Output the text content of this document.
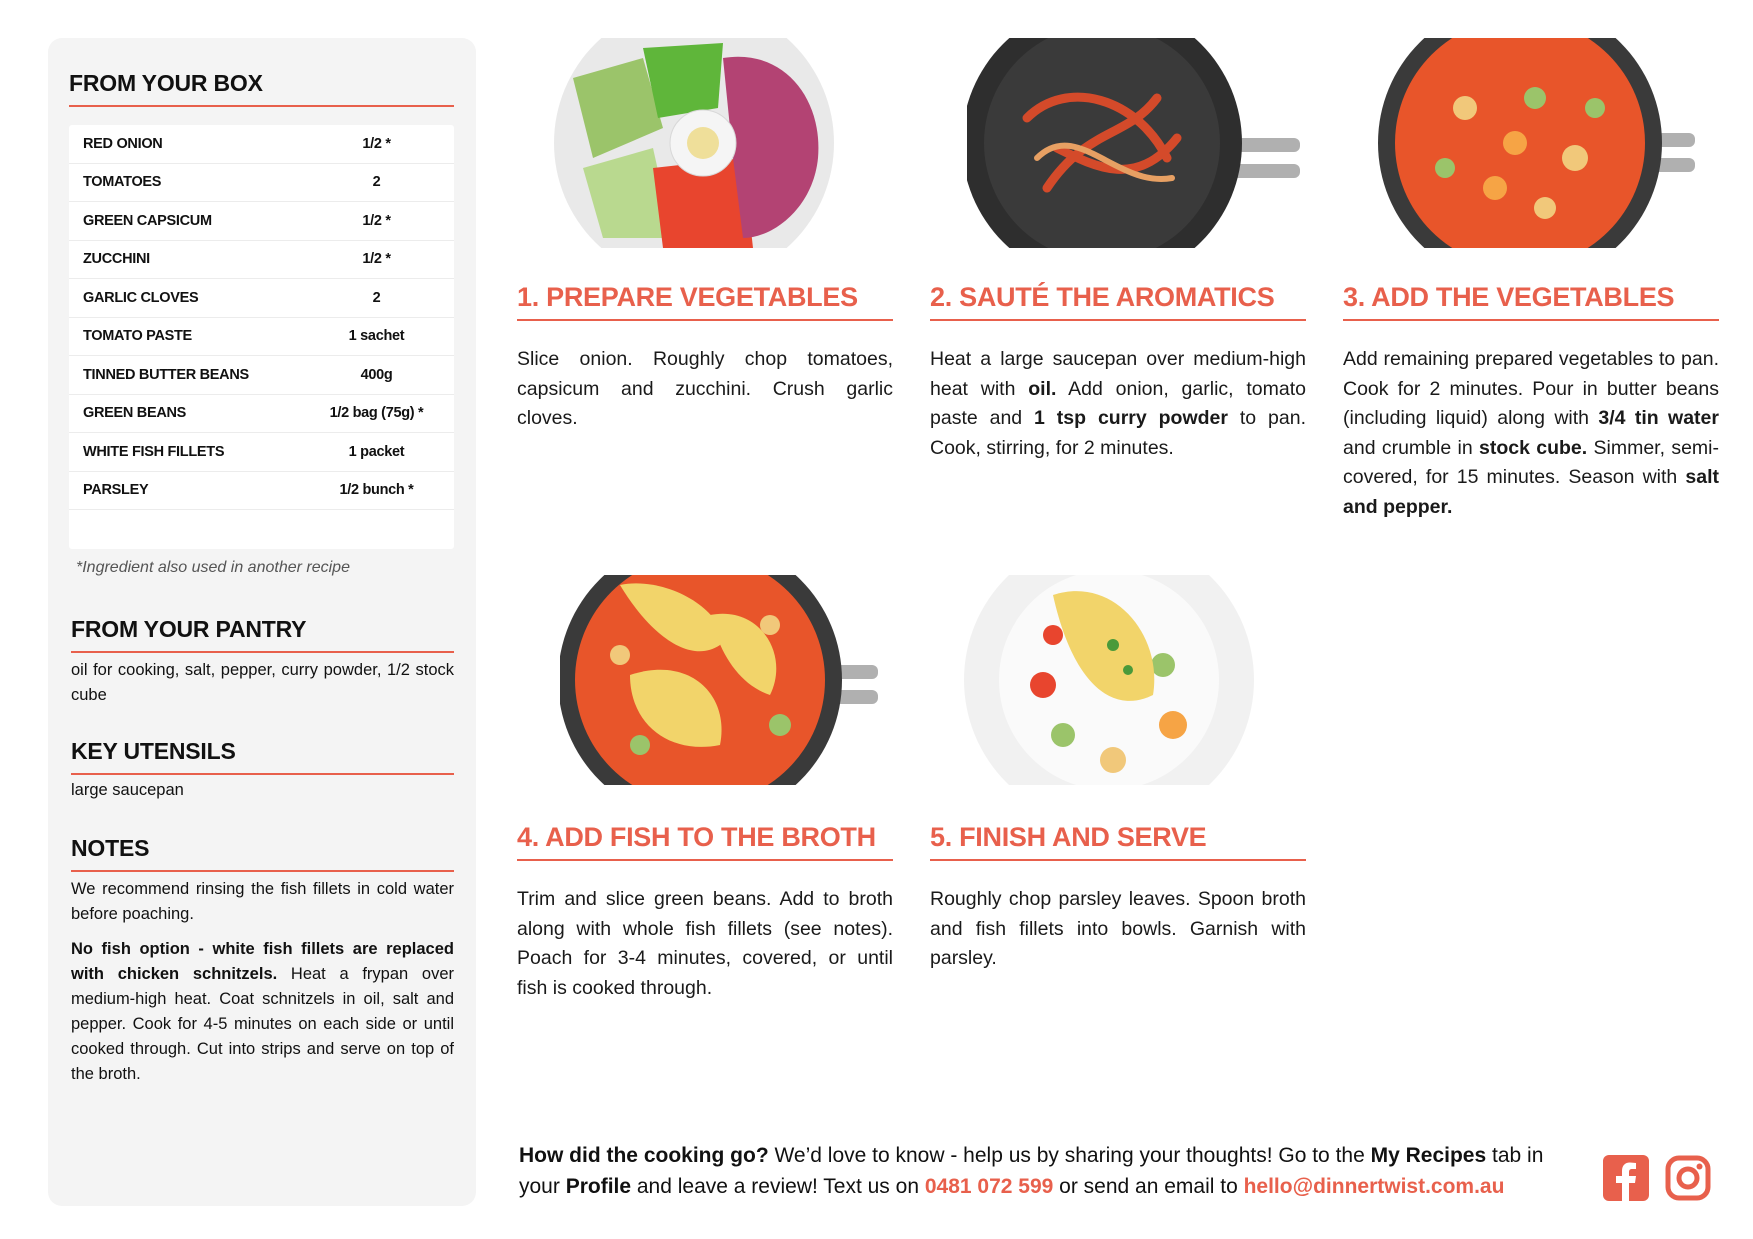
FROM YOUR BOX
RED ONION	1/2 *
TOMATOES	2
GREEN CAPSICUM	1/2 *
ZUCCHINI	1/2 *
GARLIC CLOVES	2
TOMATO PASTE	1 sachet
TINNED BUTTER BEANS	400g
GREEN BEANS	1/2 bag (75g) *
WHITE FISH FILLETS	1 packet
PARSLEY	1/2 bunch *
*Ingredient also used in another recipe
FROM YOUR PANTRY
oil for cooking, salt, pepper, curry powder, 1/2 stock cube
KEY UTENSILS
large saucepan
NOTES

We recommend rinsing the fish fillets in cold water before poaching.

No fish option - white fish fillets are replaced with chicken schnitzels. Heat a frypan over medium-high heat. Coat schnitzels in oil, salt and pepper. Cook for 4-5 minutes on each side or until cooked through. Cut into strips and serve on top of the broth.

1. PREPARE VEGETABLES
Slice onion. Roughly chop tomatoes, capsicum and zucchini. Crush garlic cloves.
2. SAUTÉ THE AROMATICS
Heat a large saucepan over medium-high heat with oil. Add onion, garlic, tomato paste and 1 tsp curry powder to pan. Cook, stirring, for 2 minutes.
3. ADD THE VEGETABLES
Add remaining prepared vegetables to pan. Cook for 2 minutes. Pour in butter beans (including liquid) along with 3/4 tin water and crumble in stock cube. Simmer, semi-covered, for 15 minutes. Season with salt and pepper.
4. ADD FISH TO THE BROTH
Trim and slice green beans. Add to broth along with whole fish fillets (see notes). Poach for 3-4 minutes, covered, or until fish is cooked through.
5. FINISH AND SERVE
Roughly chop parsley leaves. Spoon broth and fish fillets into bowls. Garnish with parsley.
How did the cooking go? We’d love to know - help us by sharing your thoughts! Go to the My Recipes tab in your Profile and leave a review! Text us on 0481 072 599 or send an email to hello@dinnertwist.com.au
